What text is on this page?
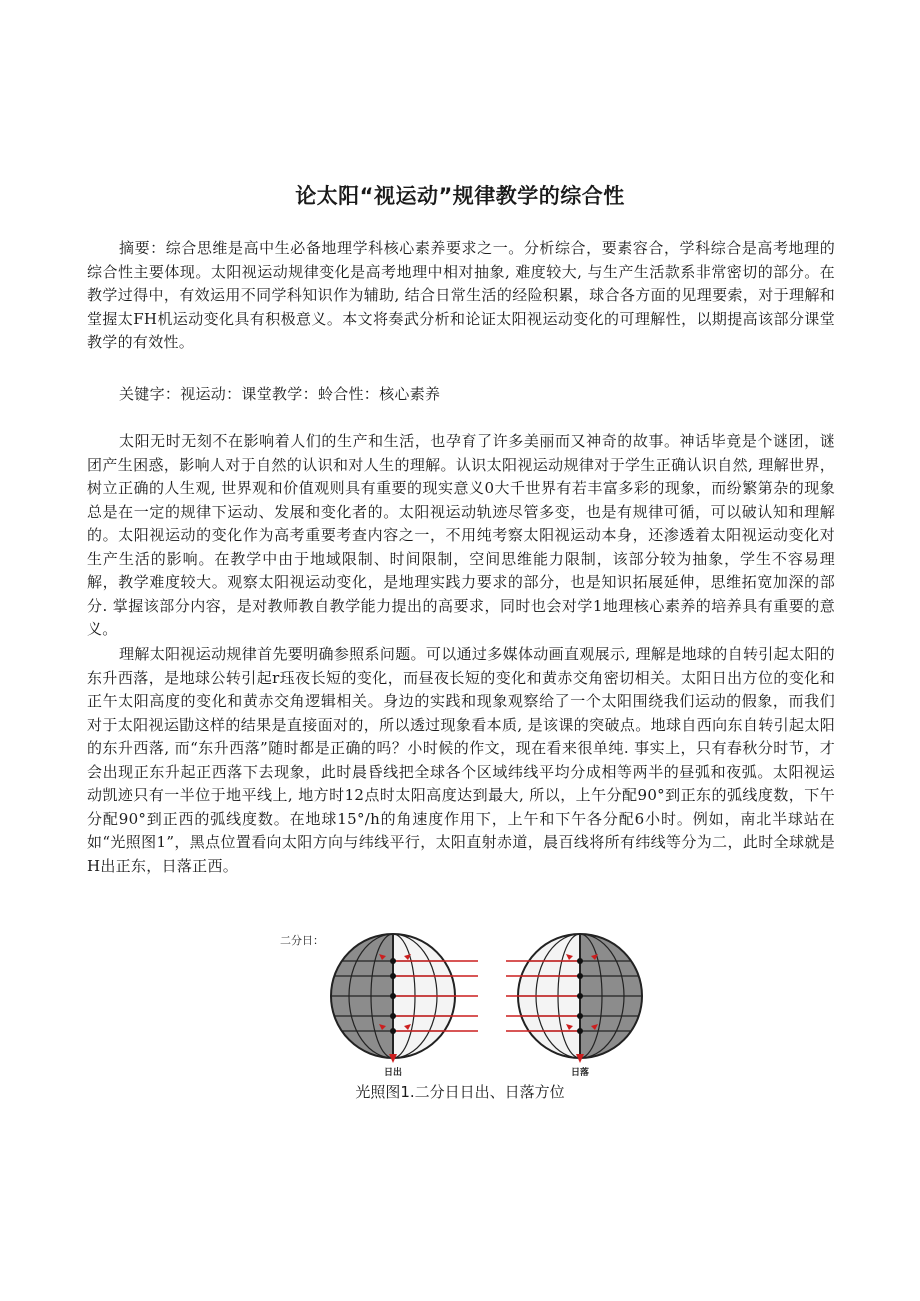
论太阳“视运动”规律教学的综合性

摘要：综合思维是高中生必备地理学科核心素养要求之一。分析综合，要素容合，学科综合是高考地理的综合性主要体现。太阳视运动规律变化是高考地理中相对抽象, 难度较大, 与生产生活款系非常密切的部分。在教学过得中，有效运用不同学科知识作为辅助, 结合日常生活的经险积累，球合各方面的见理要索，对于理解和堂握太FH机运动变化具有积极意义。本文将奏武分析和论证太阳视运动变化的可理解性，以期提高该部分课堂教学的有效性。

关键字：视运动：课堂教学：蛉合性：核心素养

太阳无时无刻不在影响着人们的生产和生活，也孕育了许多美丽而又神奇的故事。神话毕竟是个谜团，谜团产生困惑，影响人对于自然的认识和对人生的理解。认识太阳视运动规律对于学生正确认识自然, 理解世界，树立正确的人生观, 世界观和价值观则具有重要的现实意义0大千世界有若丰富多彩的现象，而纷繁第杂的现象总是在一定的规律下运动、发展和变化者的。太阳视运动轨迹尽管多变，也是有规律可循，可以破认知和理解的。太阳视运动的变化作为高考重要考查内容之一，不用纯考察太阳视运动本身，还渗透着太阳视运动变化对生产生活的影响。在教学中由于地域限制、时间限制，空间思维能力限制，该部分较为抽象，学生不容易理解，教学难度较大。观察太阳视运动变化，是地理实践力要求的部分，也是知识拓展延伸，思维拓宽加深的部分. 掌握该部分内容，是对教师教自教学能力提出的高要求，同时也会对学1地理核心素养的培养具有重要的意义。

理解太阳视运动规律首先要明确参照系问题。可以通过多媒体动画直观展示, 理解是地球的自转引起太阳的东升西落，是地球公转引起r珏夜长短的变化，而昼夜长短的变化和黄赤交角密切相关。太阳日出方位的变化和正午太阳高度的变化和黄赤交角逻辑相关。身边的实践和现象观察给了一个太阳围绕我们运动的假象，而我们对于太阳视运勖这样的结果是直接面对的，所以透过现象看本质, 是该课的突破点。地球自西向东自转引起太阳的东升西落, 而“东升西落”随时都是正确的吗？小时候的作文，现在看来很单纯. 事实上，只有春秋分时节，才会出现正东升起正西落下去现象，此时晨昏线把全球各个区域纬线平均分成相等两半的昼弧和夜弧。太阳视运动凯迹只有一半位于地平线上, 地方时12点时太阳高度达到最大, 所以，上午分配90°到正东的弧线度数，下午分配90°到正西的弧线度数。在地球15°/h的角速度作用下，上午和下午各分配6小时。例如，南北半球站在如“光照图1”，黑点位置看向太阳方向与纬线平行，太阳直射赤道，晨百线将所有纬线等分为二，此时全球就是H出正东，日落正西。

二分日：
日出	日落

光照图1.二分日日出、日落方位
